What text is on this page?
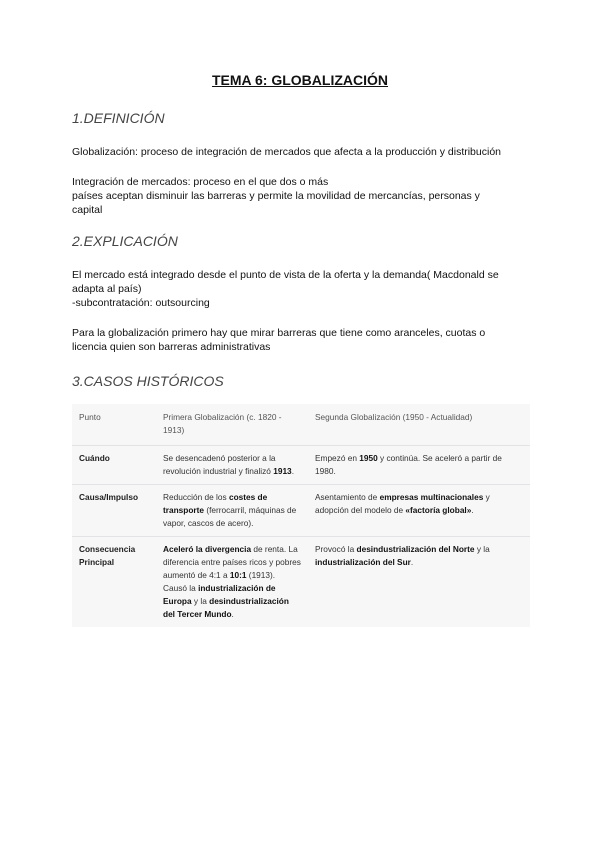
TEMA 6: GLOBALIZACIÓN
1.DEFINICIÓN
Globalización: proceso de integración de mercados que afecta a la producción y distribución
Integración de mercados: proceso en el que dos o más
países aceptan disminuir las barreras y permite la movilidad de mercancías, personas y
capital
2.EXPLICACIÓN
El mercado está integrado desde el punto de vista de la oferta y la demanda( Macdonald se
adapta al país)
-subcontratación: outsourcing
Para la globalización primero hay que mirar barreras que tiene como aranceles, cuotas o
licencia quien son barreras administrativas
3.CASOS HISTÓRICOS
Punto	Primera Globalización (c. 1820 - 1913)	Segunda Globalización (1950 - Actualidad)
Cuándo	Se desencadenó posterior a la revolución industrial y finalizó 1913.	Empezó en 1950 y continúa. Se aceleró a partir de 1980.
Causa/Impulso	Reducción de los costes de transporte (ferrocarril, máquinas de vapor, cascos de acero).	Asentamiento de empresas multinacionales y adopción del modelo de «factoría global».
Consecuencia Principal	Aceleró la divergencia de renta. La diferencia entre países ricos y pobres aumentó de 4:1 a 10:1 (1913). Causó la industrialización de Europa y la desindustrialización del Tercer Mundo.	Provocó la desindustrialización del Norte y la industrialización del Sur.
